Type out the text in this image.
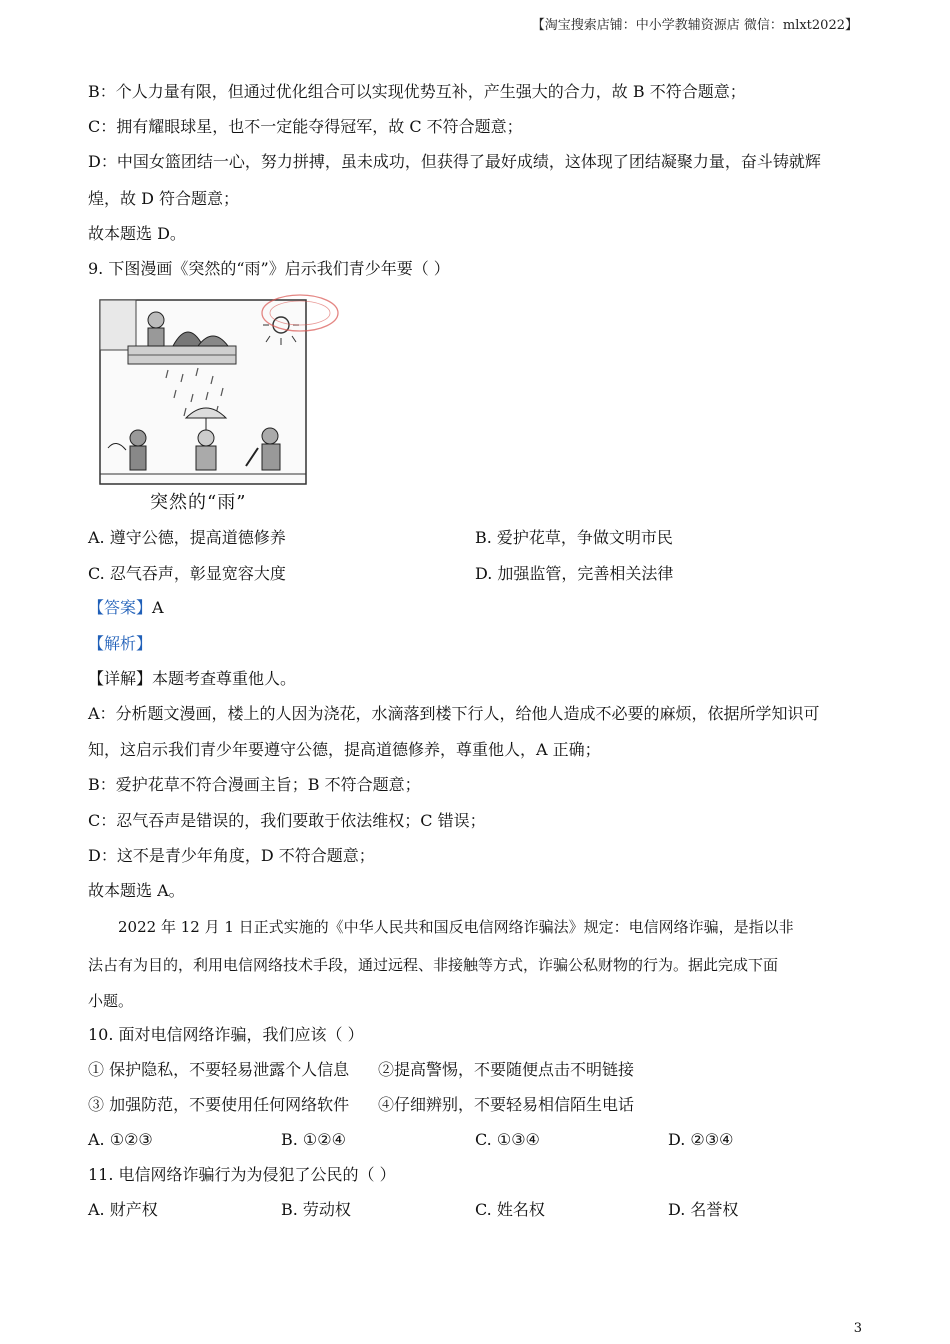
【淘宝搜索店铺：中小学教辅资源店 微信：mlxt2022】
B：个人力量有限，但通过优化组合可以实现优势互补，产生强大的合力，故 B 不符合题意；
C：拥有耀眼球星，也不一定能夺得冠军，故 C 不符合题意；
D：中国女篮团结一心，努力拼搏，虽未成功，但获得了最好成绩，这体现了团结凝聚力量，奋斗铸就辉
煌，故 D 符合题意；
故本题选 D。
9. 下图漫画《突然的“雨”》启示我们青少年要（ ）
突然的“雨”
A. 遵守公德，提高道德修养	B. 爱护花草，争做文明市民
C. 忍气吞声，彰显宽容大度	D. 加强监管，完善相关法律
【答案】A
【解析】
【详解】本题考查尊重他人。
A：分析题文漫画，楼上的人因为浇花，水滴落到楼下行人，给他人造成不必要的麻烦，依据所学知识可
知，这启示我们青少年要遵守公德，提高道德修养，尊重他人，A 正确；
B：爱护花草不符合漫画主旨；B 不符合题意；
C：忍气吞声是错误的，我们要敢于依法维权；C 错误；
D：这不是青少年角度，D 不符合题意；
故本题选 A。
2022 年 12 月 1 日正式实施的《中华人民共和国反电信网络诈骗法》规定：电信网络诈骗，是指以非
法占有为目的，利用电信网络技术手段，通过远程、非接触等方式，诈骗公私财物的行为。据此完成下面
小题。
10. 面对电信网络诈骗，我们应该（ ）
① 保护隐私，不要轻易泄露个人信息 ②提高警惕，不要随便点击不明链接
③ 加强防范，不要使用任何网络软件 ④仔细辨别，不要轻易相信陌生电话
A. ①②③	B. ①②④	C. ①③④	D. ②③④
11. 电信网络诈骗行为为侵犯了公民的（ ）
A. 财产权	B. 劳动权	C. 姓名权	D. 名誉权
3
